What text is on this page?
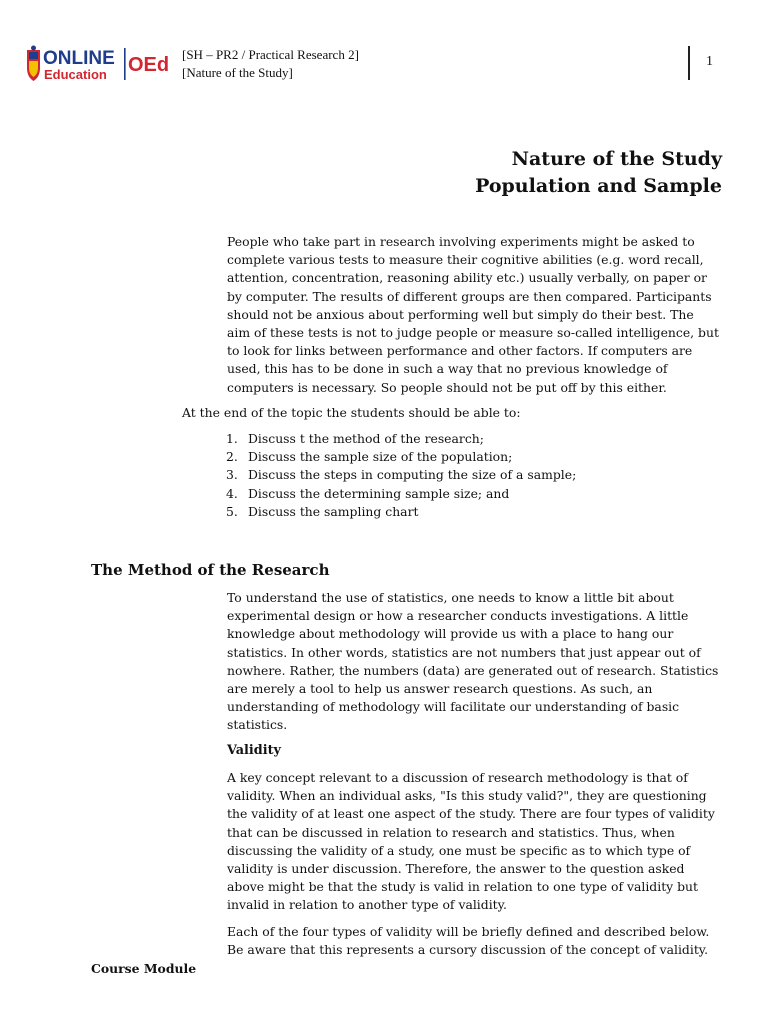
ONLINE
Education OEd [SH – PR2 / Practical Research 2]
[Nature of the Study]
1
Nature of the Study
Population and Sample

People who take part in research involving experiments might be asked to
complete various tests to measure their cognitive abilities (e.g. word recall,
attention, concentration, reasoning ability etc.) usually verbally, on paper or
by computer. The results of different groups are then compared. Participants
should not be anxious about performing well but simply do their best. The
aim of these tests is not to judge people or measure so-called intelligence, but
to look for links between performance and other factors. If computers are
used, this has to be done in such a way that no previous knowledge of
computers is necessary. So people should not be put off by this either.

At the end of the topic the students should be able to:
1. Discuss t the method of the research;
2. Discuss the sample size of the population;
3. Discuss the steps in computing the size of a sample;
4. Discuss the determining sample size; and
5. Discuss the sampling chart
The Method of the Research

To understand the use of statistics, one needs to know a little bit about
experimental design or how a researcher conducts investigations. A little
knowledge about methodology will provide us with a place to hang our
statistics. In other words, statistics are not numbers that just appear out of
nowhere. Rather, the numbers (data) are generated out of research. Statistics
are merely a tool to help us answer research questions. As such, an
understanding of methodology will facilitate our understanding of basic
statistics.

Validity

A key concept relevant to a discussion of research methodology is that of
validity. When an individual asks, "Is this study valid?", they are questioning
the validity of at least one aspect of the study. There are four types of validity
that can be discussed in relation to research and statistics. Thus, when
discussing the validity of a study, one must be specific as to which type of
validity is under discussion. Therefore, the answer to the question asked
above might be that the study is valid in relation to one type of validity but
invalid in relation to another type of validity.

Each of the four types of validity will be briefly defined and described below.
Be aware that this represents a cursory discussion of the concept of validity.

Course Module
